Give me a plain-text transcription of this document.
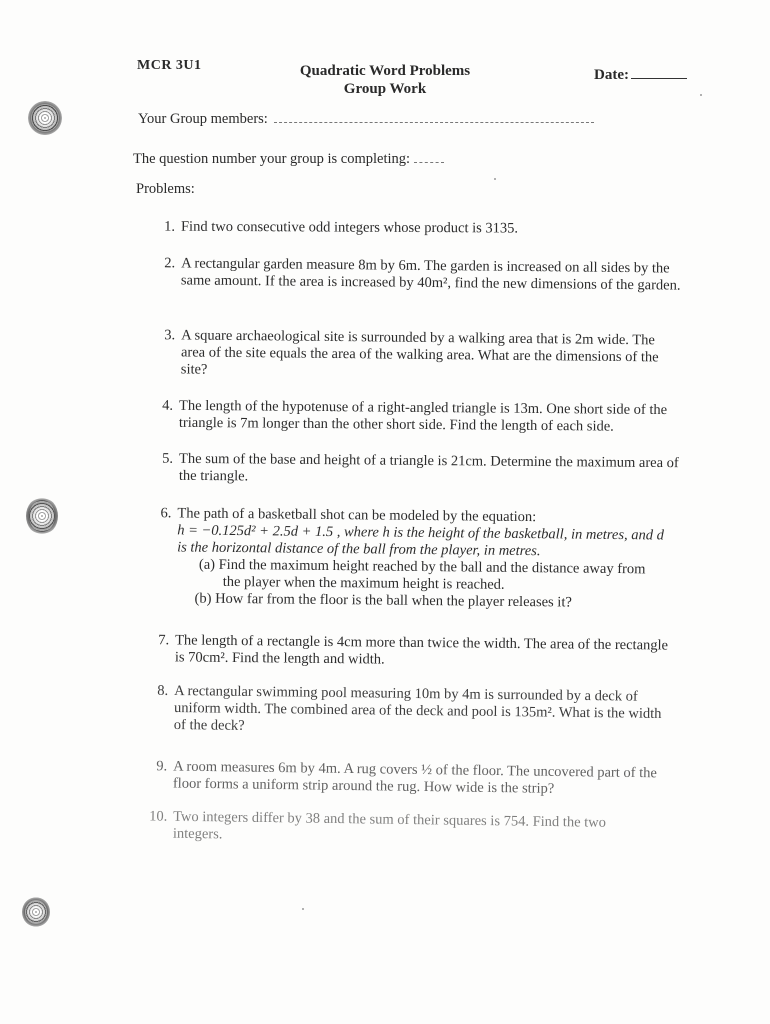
MCR 3U1	Quadratic Word Problems
Group Work
Date:
Your Group members:
The question number your group is completing:
Problems:
1. Find two consecutive odd integers whose product is 3135.
2. A rectangular garden measure 8m by 6m. The garden is increased on all sides by the same amount. If the area is increased by 40m², find the new dimensions of the garden.
3. A square archaeological site is surrounded by a walking area that is 2m wide. The area of the site equals the area of the walking area. What are the dimensions of the site?
4. The length of the hypotenuse of a right-angled triangle is 13m. One short side of the triangle is 7m longer than the other short side. Find the length of each side.
5. The sum of the base and height of a triangle is 21cm. Determine the maximum area of the triangle.
6. The path of a basketball shot can be modeled by the equation:
h = −0.125d² + 2.5d + 1.5 , where h is the height of the basketball, in metres, and d is the horizontal distance of the ball from the player, in metres.
(a) Find the maximum height reached by the ball and the distance away from
the player when the maximum height is reached.
(b) How far from the floor is the ball when the player releases it?
7. The length of a rectangle is 4cm more than twice the width. The area of the rectangle is 70cm². Find the length and width.
8. A rectangular swimming pool measuring 10m by 4m is surrounded by a deck of uniform width. The combined area of the deck and pool is 135m². What is the width of the deck?
9. A room measures 6m by 4m. A rug covers ½ of the floor. The uncovered part of the floor forms a uniform strip around the rug. How wide is the strip?
10. Two integers differ by 38 and the sum of their squares is 754. Find the two integers.
